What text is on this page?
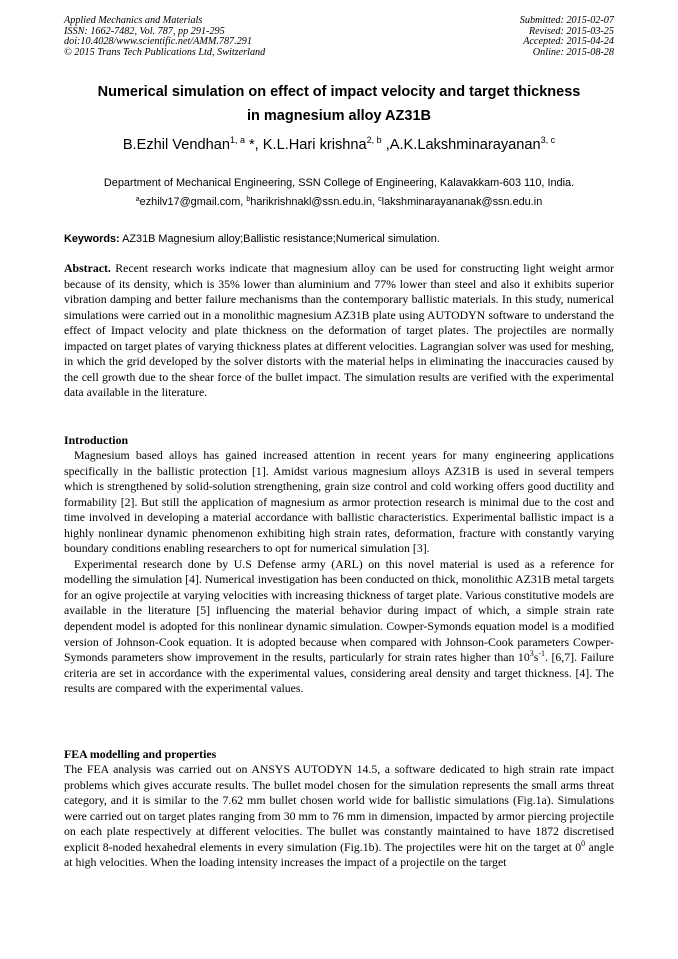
Applied Mechanics and Materials
ISSN: 1662-7482, Vol. 787, pp 291-295
doi:10.4028/www.scientific.net/AMM.787.291
© 2015 Trans Tech Publications Ltd, Switzerland
Submitted: 2015-02-07
Revised: 2015-03-25
Accepted: 2015-04-24
Online: 2015-08-28
Numerical simulation on effect of impact velocity and target thickness
in magnesium alloy AZ31B
B.Ezhil Vendhan$^{1, a}$ *, K.L.Hari krishna$^{2, b}$ ,A.K.Lakshminarayanan$^{3, c}$
Department of Mechanical Engineering, SSN College of Engineering, Kalavakkam-603 110, India.
$^a$ezhilv17@gmail.com, $^b$harikrishnakl@ssn.edu.in, $^c$lakshminarayananak@ssn.edu.in
Keywords: AZ31B Magnesium alloy;Ballistic resistance;Numerical simulation.

Abstract. Recent research works indicate that magnesium alloy can be used for constructing light weight armor because of its density, which is 35% lower than aluminium and 77% lower than steel and also it exhibits superior vibration damping and better failure mechanisms than the contemporary ballistic materials. In this study, numerical simulations were carried out in a monolithic magnesium AZ31B plate using AUTODYN software to understand the effect of Impact velocity and plate thickness on the deformation of target plates. The projectiles are normally impacted on target plates of varying thickness plates at different velocities. Lagrangian solver was used for meshing, in which the grid developed by the solver distorts with the material helps in eliminating the inaccuracies caused by the cell growth due to the shear force of the bullet impact. The simulation results are verified with the experimental data available in the literature.

Introduction

Magnesium based alloys has gained increased attention in recent years for many engineering applications specifically in the ballistic protection [1]. Amidst various magnesium alloys AZ31B is used in several tempers which is strengthened by solid-solution strengthening, grain size control and cold working offers good ductility and formability [2]. But still the application of magnesium as armor protection research is minimal due to the cost and time involved in developing a material accordance with ballistic characteristics. Experimental ballistic impact is a highly nonlinear dynamic phenomenon exhibiting high strain rates, deformation, fracture with constantly varying boundary conditions enabling researchers to opt for numerical simulation [3].

Experimental research done by U.S Defense army (ARL) on this novel material is used as a reference for modelling the simulation [4]. Numerical investigation has been conducted on thick, monolithic AZ31B metal targets for an ogive projectile at varying velocities with increasing thickness of target plate. Various constitutive models are available in the literature [5] influencing the material behavior during impact of which, a simple strain rate dependent model is adopted for this nonlinear dynamic simulation. Cowper-Symonds equation model is a modified version of Johnson-Cook equation. It is adopted because when compared with Johnson-Cook parameters Cowper-Symonds parameters show improvement in the results, particularly for strain rates higher than $10^3s^{-1}$. [6,7]. Failure criteria are set in accordance with the experimental values, considering areal density and target thickness. [4]. The results are compared with the experimental values.

FEA modelling and properties

The FEA analysis was carried out on ANSYS AUTODYN 14.5, a software dedicated to high strain rate impact problems which gives accurate results. The bullet model chosen for the simulation represents the small arms threat category, and it is similar to the 7.62 mm bullet chosen world wide for ballistic simulations (Fig.1a). Simulations were carried out on target plates ranging from 30 mm to 76 mm in dimension, impacted by armor piercing projectile on each plate respectively at different velocities. The bullet was constantly maintained to have 1872 discretised explicit 8-noded hexahedral elements in every simulation (Fig.1b). The projectiles were hit on the target at $0^0$ angle at high velocities. When the loading intensity increases the impact of a projectile on the target
